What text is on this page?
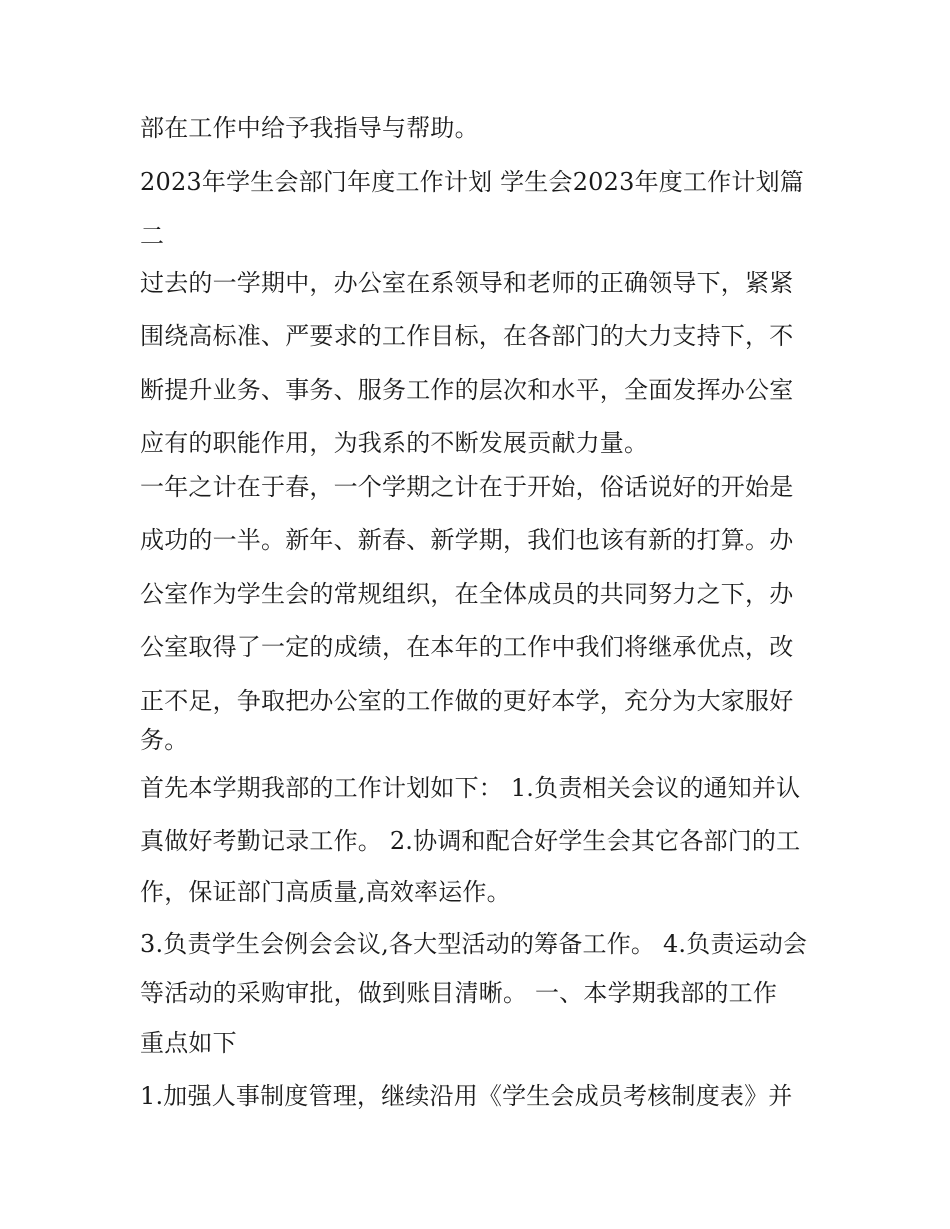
部在工作中给予我指导与帮助。
2023年学生会部门年度工作计划 学生会2023年度工作计划篇
二
过去的一学期中，办公室在系领导和老师的正确领导下，紧紧
围绕高标准、严要求的工作目标，在各部门的大力支持下，不
断提升业务、事务、服务工作的层次和水平，全面发挥办公室
应有的职能作用，为我系的不断发展贡献力量。
一年之计在于春，一个学期之计在于开始，俗话说好的开始是
成功的一半。新年、新春、新学期，我们也该有新的打算。办
公室作为学生会的常规组织，在全体成员的共同努力之下，办
公室取得了一定的成绩，在本年的工作中我们将继承优点，改
正不足，争取把办公室的工作做的更好本学，充分为大家服好
务。
首先本学期我部的工作计划如下： 1.负责相关会议的通知并认
真做好考勤记录工作。 2.协调和配合好学生会其它各部门的工
作，保证部门高质量,高效率运作。
3.负责学生会例会会议,各大型活动的筹备工作。 4.负责运动会
等活动的采购审批，做到账目清晰。 一、本学期我部的工作
重点如下
1.加强人事制度管理，继续沿用《学生会成员考核制度表》并
